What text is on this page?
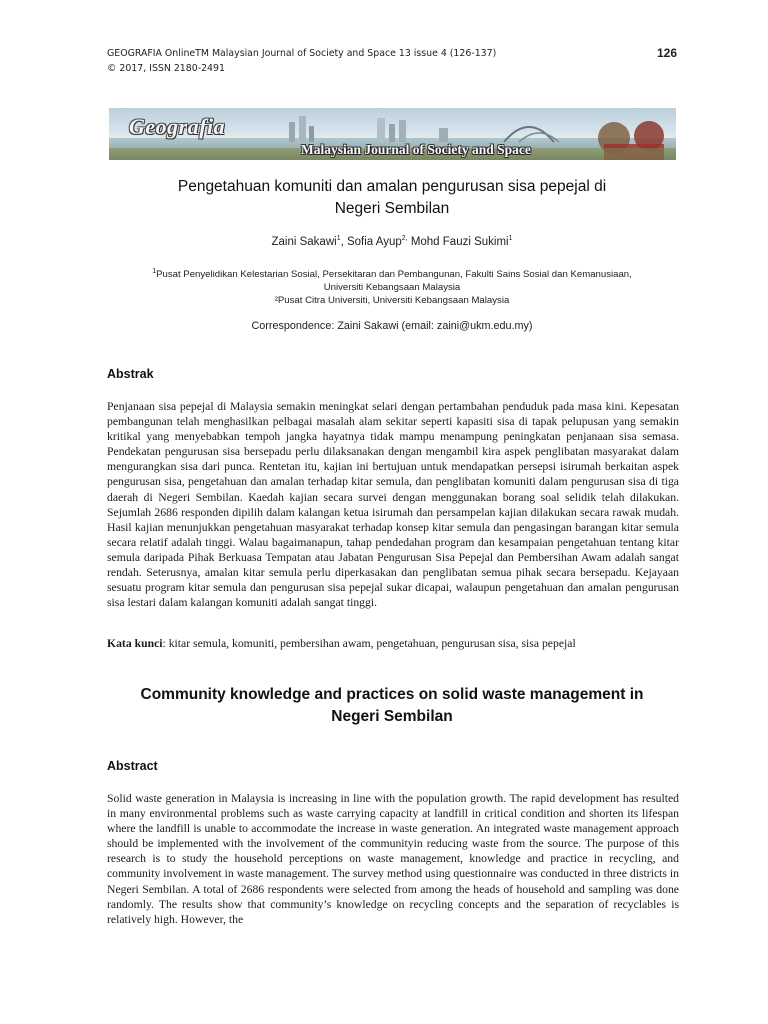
GEOGRAFIA OnlineTM Malaysian Journal of Society and Space 13 issue 4 (126-137)
© 2017, ISSN 2180-2491
126
Geografia
Malaysian Journal of Society and Space
Pengetahuan komuniti dan amalan pengurusan sisa pepejal di
Negeri Sembilan
Zaini Sakawi$^1$, Sofia Ayup$^{2,}$ Mohd Fauzi Sukimi$^1$
$^1$Pusat Penyelidikan Kelestarian Sosial, Persekitaran dan Pembangunan, Fakulti Sains Sosial dan Kemanusiaan,
Universiti Kebangsaan Malaysia
²Pusat Citra Universiti, Universiti Kebangsaan Malaysia
Correspondence: Zaini Sakawi (email: zaini@ukm.edu.my)
Abstrak
Penjanaan sisa pepejal di Malaysia semakin meningkat selari dengan pertambahan penduduk pada masa kini. Kepesatan pembangunan telah menghasilkan pelbagai masalah alam sekitar seperti kapasiti sisa di tapak pelupusan yang semakin kritikal yang menyebabkan tempoh jangka hayatnya tidak mampu menampung peningkatan penjanaan sisa semasa. Pendekatan pengurusan sisa bersepadu perlu dilaksanakan dengan mengambil kira aspek penglibatan masyarakat dalam mengurangkan sisa dari punca. Rentetan itu, kajian ini bertujuan untuk mendapatkan persepsi isirumah berkaitan aspek pengurusan sisa, pengetahuan dan amalan terhadap kitar semula, dan penglibatan komuniti dalam pengurusan sisa di tiga daerah di Negeri Sembilan. Kaedah kajian secara survei dengan menggunakan borang soal selidik telah dilakukan. Sejumlah 2686 responden dipilih dalam kalangan ketua isirumah dan persampelan kajian dilakukan secara rawak mudah. Hasil kajian menunjukkan pengetahuan masyarakat terhadap konsep kitar semula dan pengasingan barangan kitar semula secara relatif adalah tinggi. Walau bagaimanapun, tahap pendedahan program dan kesampaian pengetahuan tentang kitar semula daripada Pihak Berkuasa Tempatan atau Jabatan Pengurusan Sisa Pepejal dan Pembersihan Awam adalah sangat rendah. Seterusnya, amalan kitar semula perlu diperkasakan dan penglibatan semua pihak secara bersepadu. Kejayaan sesuatu program kitar semula dan pengurusan sisa pepejal sukar dicapai, walaupun pengetahuan dan amalan pengurusan sisa lestari dalam kalangan komuniti adalah sangat tinggi.
Kata kunci: kitar semula, komuniti, pembersihan awam, pengetahuan, pengurusan sisa, sisa pepejal
Community knowledge and practices on solid waste management in
Negeri Sembilan
Abstract
Solid waste generation in Malaysia is increasing in line with the population growth. The rapid development has resulted in many environmental problems such as waste carrying capacity at landfill in critical condition and shorten its lifespan where the landfill is unable to accommodate the increase in waste generation. An integrated waste management approach should be implemented with the involvement of the communityin reducing waste from the source. The purpose of this research is to study the household perceptions on waste management, knowledge and practice in recycling, and community involvement in waste management. The survey method using questionnaire was conducted in three districts in Negeri Sembilan. A total of 2686 respondents were selected from among the heads of household and sampling was done randomly. The results show that community’s knowledge on recycling concepts and the separation of recyclables is relatively high. However, the
